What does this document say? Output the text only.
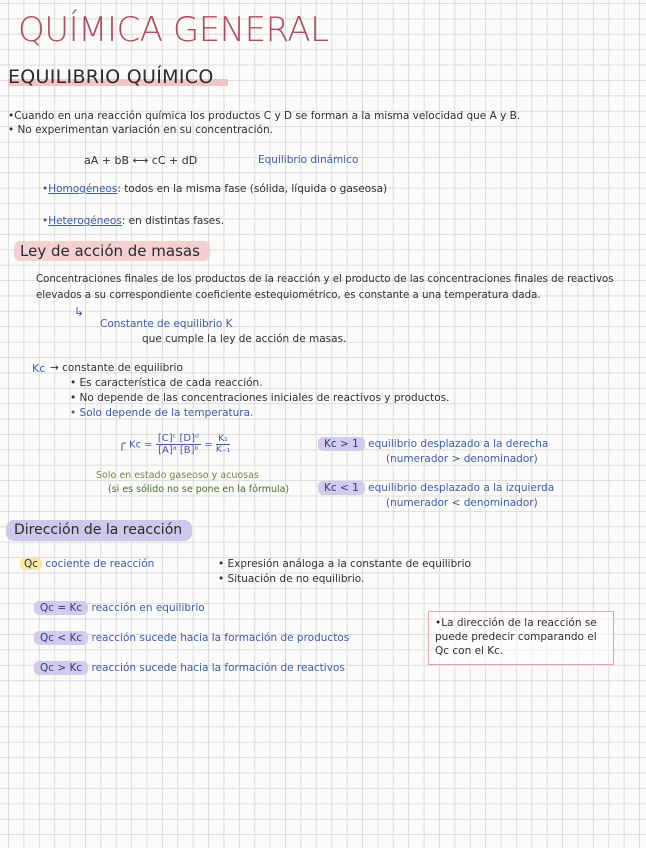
QUÍMICA GENERAL
EQUILIBRIO QUÍMICO
•Cuando en una reacción química los productos C y D se forman a la misma velocidad que A y B.
• No experimentan variación en su concentración.
aA + bB ⟷ cC + dD	Equilibrio dinámico
•Homogéneos: todos en la misma fase (sólida, líquida o gaseosa)
•Heterogéneos: en distintas fases.
Ley de acción de masas
Concentraciones finales de los productos de la reacción y el producto de las concentraciones finales de reactivos
elevados a su correspondiente coeficiente estequiométrico, es constante a una temperatura dada.
↳
Constante de equilibrio K
que cumple la ley de acción de masas.
Kc → constante de equilibrio
• Es característica de cada reacción.
• No depende de las concentraciones iniciales de reactivos y productos.
• Solo depende de la temperatura.
╭ $Kc = \frac{\text{[C]ᶜ [D]ᵈ}}{\text{[A]ᵃ [B]ᵇ}} = \frac{\text{K₁}}{\text{K₋₁}}$
Solo en estado gaseoso y acuosas
(si es sólido no se pone en la fórmula)
Kc > 1 equilibrio desplazado a la derecha
(numerador > denominador)
Kc < 1 equilibrio desplazado a la izquierda
(numerador < denominador)
Dirección de la reacción
Qc cociente de reacción	• Expresión análoga a la constante de equilibrio
• Situación de no equilibrio.
Qc = Kc reacción en equilibrio
Qc < Kc reacción sucede hacia la formación de productos
Qc > Kc reacción sucede hacia la formación de reactivos
•La dirección de la reacción se puede predecir comparando el Qc con el Kc.
